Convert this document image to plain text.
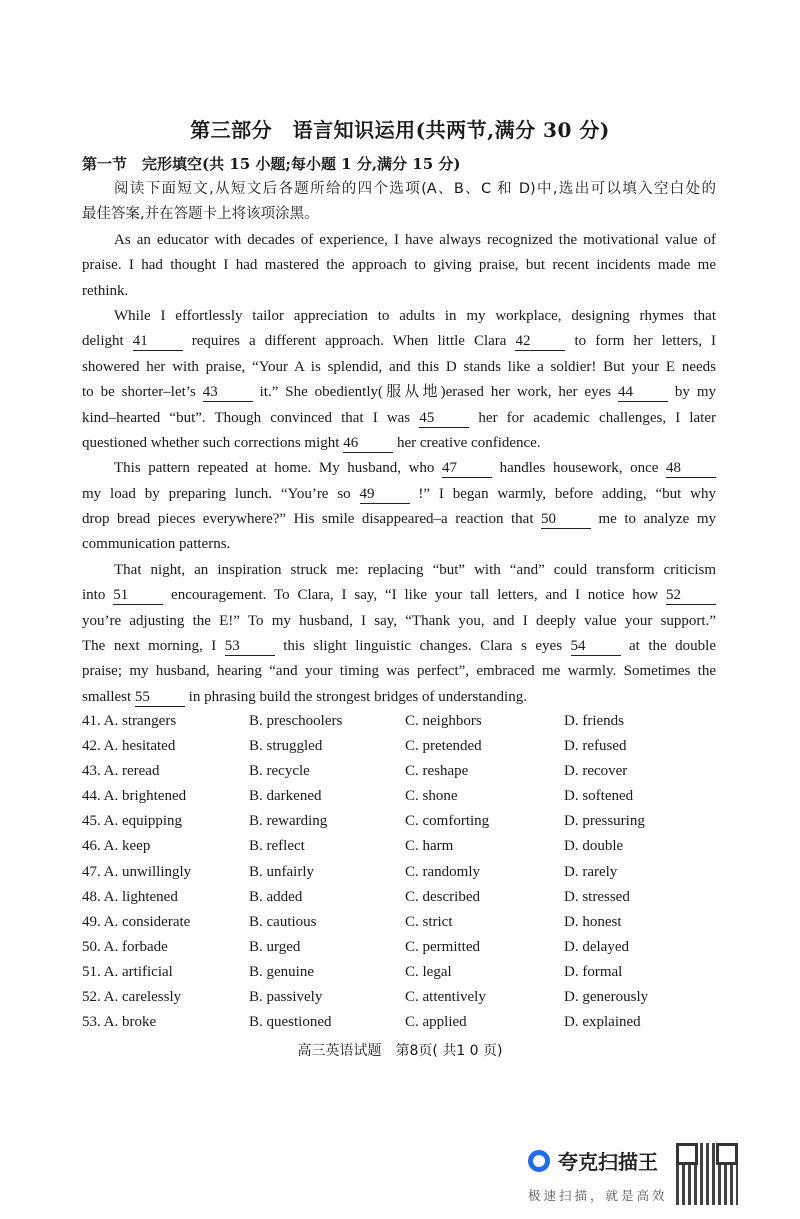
第三部分　语言知识运用(共两节,满分 30 分)
第一节　完形填空(共 15 小题;每小题 1 分,满分 15 分)
阅读下面短文,从短文后各题所给的四个选项(A、B、C 和 D)中,选出可以填入空白处的
最佳答案,并在答题卡上将该项涂黑。
As an educator with decades of experience, I have always recognized the motivational value of
praise. I had thought I had mastered the approach to giving praise, but recent incidents made me
rethink.
While I effortlessly tailor appreciation to adults in my workplace, designing rhymes that
delight 41 requires a different approach. When little Clara 42 to form her letters, I
showered her with praise, “Your A is splendid, and this D stands like a soldier! But your E needs
to be shorter–let’s 43 it.” She obediently(服从地)erased her work, her eyes 44 by my
kind–hearted “but”. Though convinced that I was 45 her for academic challenges, I later
questioned whether such corrections might 46 her creative confidence.
This pattern repeated at home. My husband, who 47 handles housework, once 48
my load by preparing lunch. “You’re so 49 !” I began warmly, before adding, “but why
drop bread pieces everywhere?” His smile disappeared–a reaction that 50 me to analyze my
communication patterns.
That night, an inspiration struck me: replacing “but” with “and” could transform criticism
into 51 encouragement. To Clara, I say, “I like your tall letters, and I notice how 52
you’re adjusting the E!” To my husband, I say, “Thank you, and I deeply value your support.”
The next morning, I 53 this slight linguistic changes. Clara s eyes 54 at the double
praise; my husband, hearing “and your timing was perfect”, embraced me warmly. Sometimes the
smallest 55 in phrasing build the strongest bridges of understanding.
41. A. strangers	B. preschoolers	C. neighbors	D. friends
42. A. hesitated	B. struggled	C. pretended	D. refused
43. A. reread	B. recycle	C. reshape	D. recover
44. A. brightened	B. darkened	C. shone	D. softened
45. A. equipping	B. rewarding	C. comforting	D. pressuring
46. A. keep	B. reflect	C. harm	D. double
47. A. unwillingly	B. unfairly	C. randomly	D. rarely
48. A. lightened	B. added	C. described	D. stressed
49. A. considerate	B. cautious	C. strict	D. honest
50. A. forbade	B. urged	C. permitted	D. delayed
51. A. artificial	B. genuine	C. legal	D. formal
52. A. carelessly	B. passively	C. attentively	D. generously
53. A. broke	B. questioned	C. applied	D. explained
高三英语试题　第8页( 共1 0 页)
夸克扫描王
极速扫描，就是高效
